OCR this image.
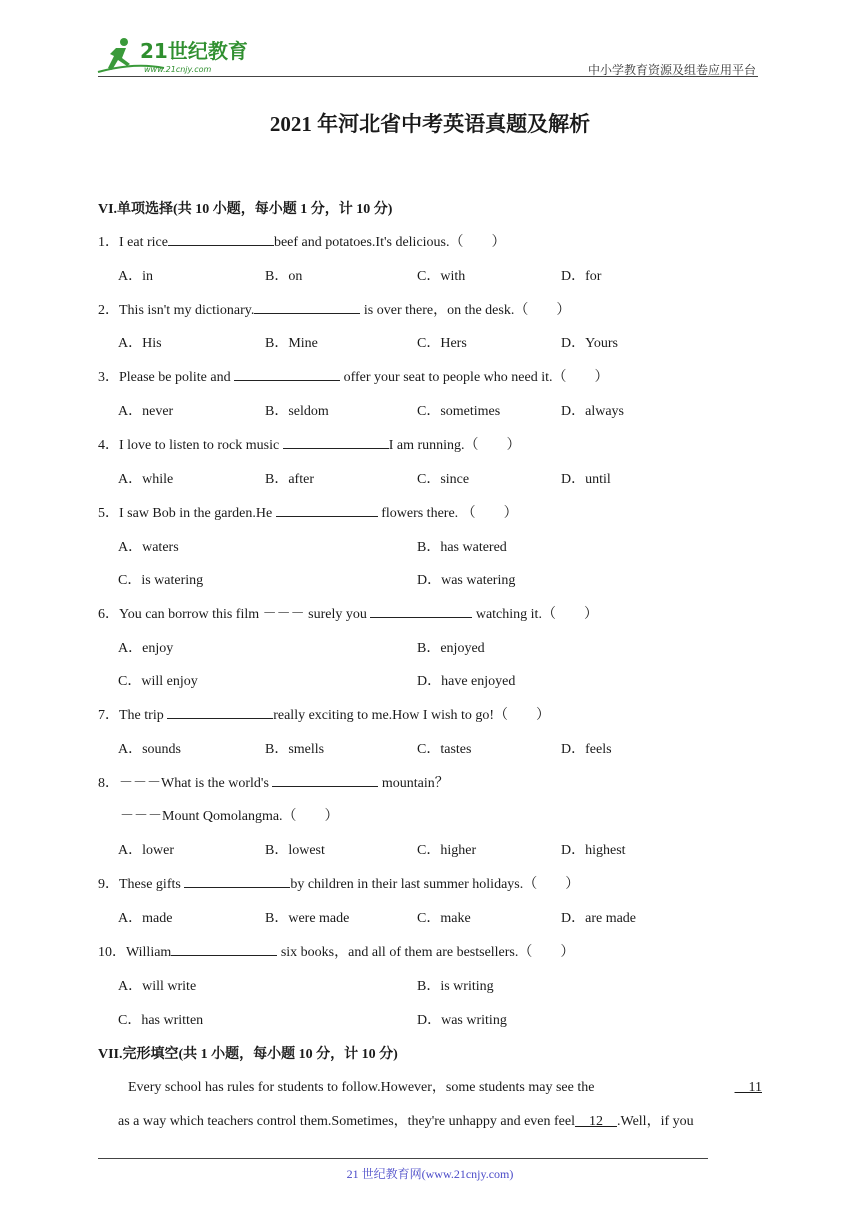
21世纪教育
www.21cnjy.com	中小学教育资源及组卷应用平台
2021 年河北省中考英语真题及解析
VI.单项选择(共 10 小题，每小题 1 分，计 10 分)
1．I eat rice	beef and potatoes.It's delicious.（　　）
A．in	B．on	C．with	D．for
2．This isn't my dictionary.	is over there，on the desk.（　　）
A．His	B．Mine	C．Hers	D．Yours
3．Please be polite and	offer your seat to people who need it.（　　）
A．never	B．seldom	C．sometimes	D．always
4．I love to listen to rock music	I am running.（　　）
A．while	B．after	C．since	D．until
5．I saw Bob in the garden.He	flowers there. （　　）
A．waters	B．has watered
C．is watering	D．was watering
6．You can borrow this film －－－ surely you	watching it.（　　）
A．enjoy	B．enjoyed
C．will enjoy	D．have enjoyed
7．The trip	really exciting to me.How I wish to go!（　　）
A．sounds	B．smells	C．tastes	D．feels
8．－－－What is the world's	mountain？
－－－Mount Qomolangma.（　　）
A．lower	B．lowest	C．higher	D．highest
9．These gifts	by children in their last summer holidays.（　　）
A．made	B．were made	C．make	D．are made
10．William	six books，and all of them are bestsellers.（　　）
A．will write	B．is writing
C．has written	D．was writing
VII.完形填空(共 1 小题，每小题 10 分，计 10 分)
Every school has rules for students to follow.However，some students may see the	　11
as a way which teachers control them.Sometimes，they're unhappy and even feel　12　.Well，if you
21 世纪教育网(www.21cnjy.com)
